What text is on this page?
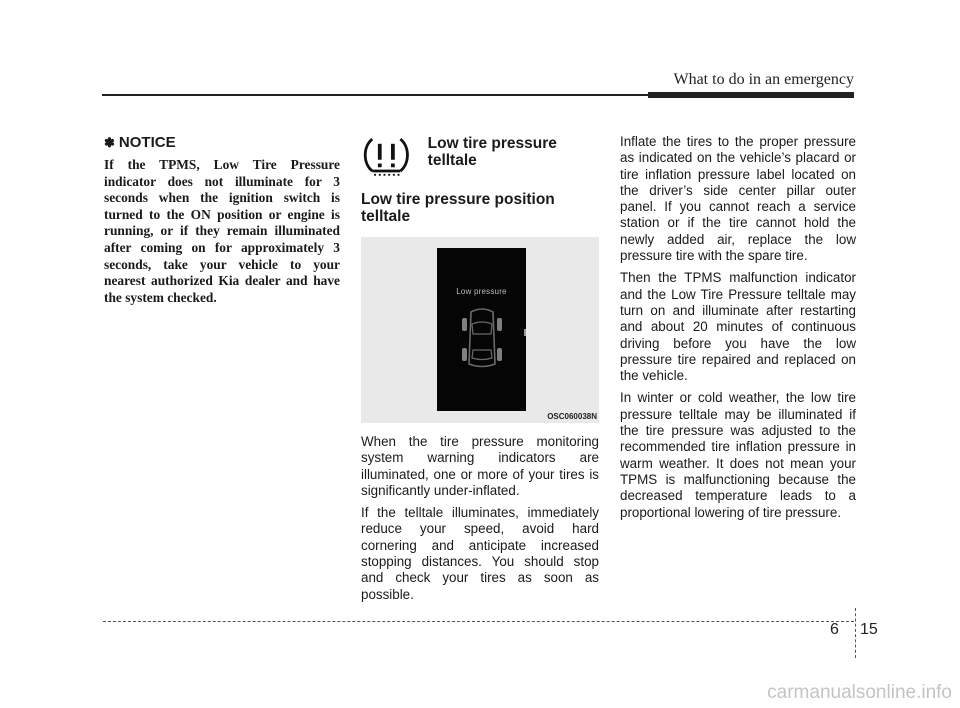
What to do in an emergency
✽ NOTICE

If the TPMS, Low Tire Pressure indicator does not illuminate for 3 seconds when the ignition switch is turned to the ON position or engine is running, or if they remain illuminated after coming on for approximately 3 seconds, take your vehicle to your nearest authorized Kia dealer and have the system checked.

Low tire pressure telltale
Low tire pressure position telltale
Low pressure
OSC060038N

When the tire pressure monitoring system warning indicators are illuminated, one or more of your tires is significantly under-inflated.

If the telltale illuminates, immediately reduce your speed, avoid hard cornering and anticipate increased stopping distances. You should stop and check your tires as soon as possible.

Inflate the tires to the proper pressure as indicated on the vehicle’s placard or tire inflation pressure label located on the driver’s side center pillar outer panel. If you cannot reach a service station or if the tire cannot hold the newly added air, replace the low pressure tire with the spare tire.

Then the TPMS malfunction indicator and the Low Tire Pressure telltale may turn on and illuminate after restarting and about 20 minutes of continuous driving before you have the low pressure tire repaired and replaced on the vehicle.

In winter or cold weather, the low tire pressure telltale may be illuminated if the tire pressure was adjusted to the recommended tire inflation pressure in warm weather. It does not mean your TPMS is malfunctioning because the decreased temperature leads to a proportional lowering of tire pressure.

6 15
carmanualsonline.info
